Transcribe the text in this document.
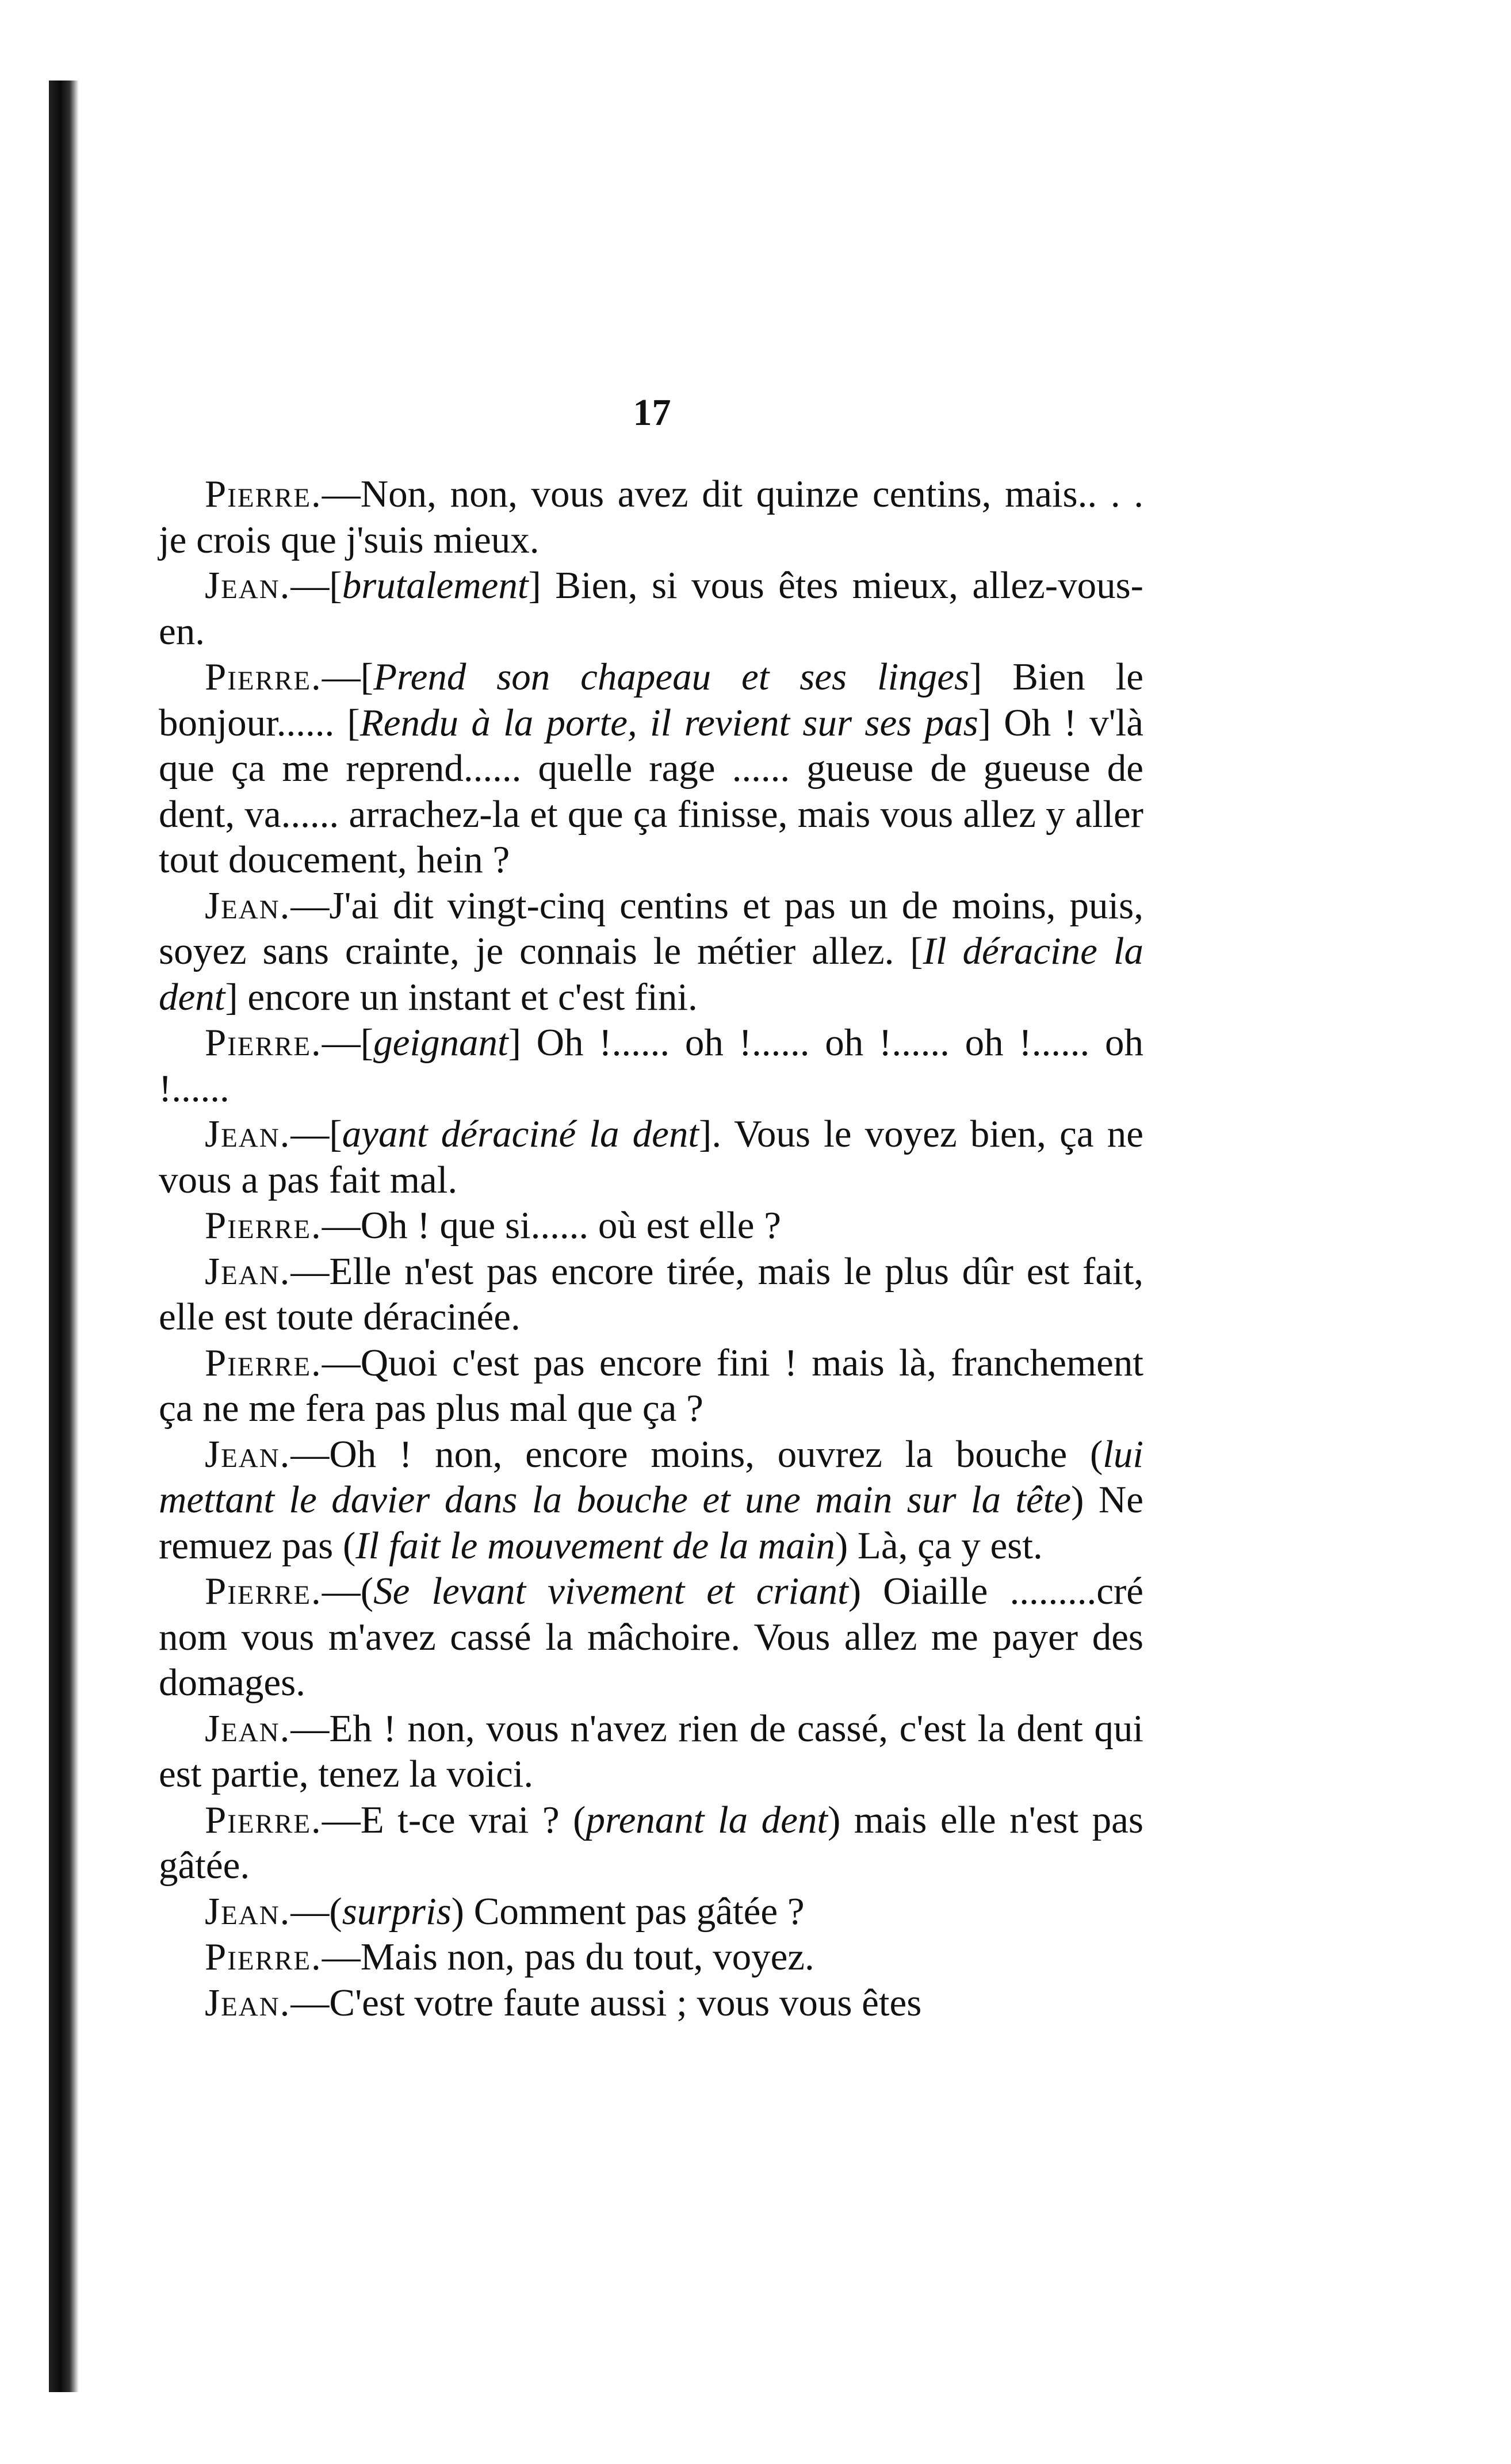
17

Pierre.—Non, non, vous avez dit quinze centins, mais.. . . je crois que j'suis mieux.

Jean.—[brutalement] Bien, si vous êtes mieux, allez-vous-en.

Pierre.—[Prend son chapeau et ses linges] Bien le bonjour...... [Rendu à la porte, il revient sur ses pas] Oh ! v'là que ça me reprend...... quelle rage ...... gueuse de gueuse de dent, va...... arrachez-la et que ça finisse, mais vous allez y aller tout doucement, hein ?

Jean.—J'ai dit vingt-cinq centins et pas un de moins, puis, soyez sans crainte, je connais le métier allez. [Il déracine la dent] encore un instant et c'est fini.

Pierre.—[geignant] Oh !...... oh !...... oh !...... oh !...... oh !......

Jean.—[ayant déraciné la dent]. Vous le voyez bien, ça ne vous a pas fait mal.

Pierre.—Oh ! que si...... où est elle ?

Jean.—Elle n'est pas encore tirée, mais le plus dûr est fait, elle est toute déracinée.

Pierre.—Quoi c'est pas encore fini ! mais là, franchement ça ne me fera pas plus mal que ça ?

Jean.—Oh ! non, encore moins, ouvrez la bouche (lui mettant le davier dans la bouche et une main sur la tête) Ne remuez pas (Il fait le mouvement de la main) Là, ça y est.

Pierre.—(Se levant vivement et criant) Oiaille .........cré nom vous m'avez cassé la mâchoire. Vous allez me payer des domages.

Jean.—Eh ! non, vous n'avez rien de cassé, c'est la dent qui est partie, tenez la voici.

Pierre.—E t-ce vrai ? (prenant la dent) mais elle n'est pas gâtée.

Jean.—(surpris) Comment pas gâtée ?

Pierre.—Mais non, pas du tout, voyez.

Jean.—C'est votre faute aussi ; vous vous êtes
